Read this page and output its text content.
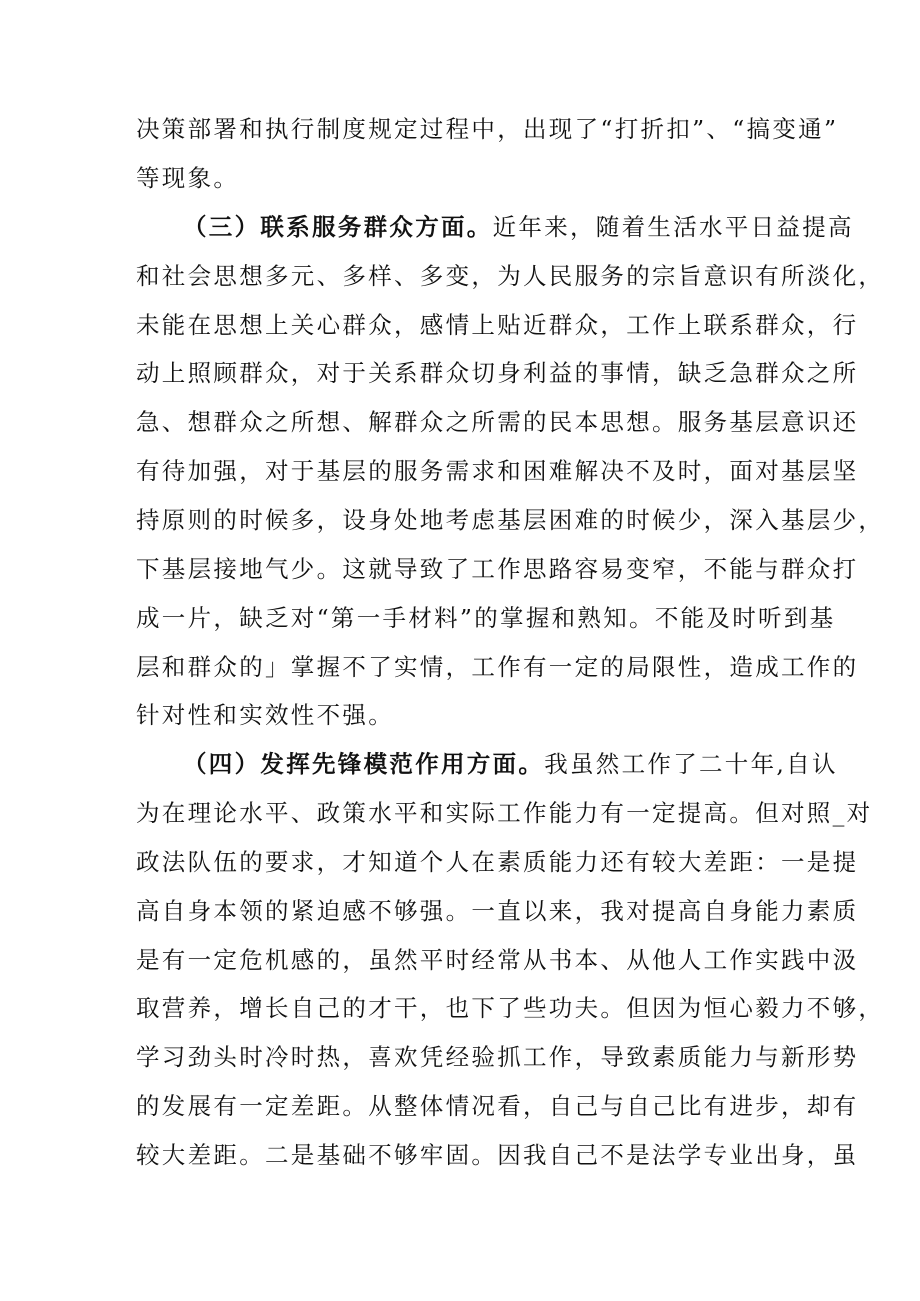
决策部署和执行制度规定过程中，出现了“打折扣”、“搞变通”
等现象。
（三）联系服务群众方面。近年来，随着生活水平日益提高
和社会思想多元、多样、多变，为人民服务的宗旨意识有所淡化，
未能在思想上关心群众，感情上贴近群众，工作上联系群众，行
动上照顾群众，对于关系群众切身利益的事情，缺乏急群众之所
急、想群众之所想、解群众之所需的民本思想。服务基层意识还
有待加强，对于基层的服务需求和困难解决不及时，面对基层坚
持原则的时候多，设身处地考虑基层困难的时候少，深入基层少，
下基层接地气少。这就导致了工作思路容易变窄，不能与群众打
成一片，缺乏对“第一手材料”的掌握和熟知。不能及时听到基
层和群众的」掌握不了实情，工作有一定的局限性，造成工作的
针对性和实效性不强。
（四）发挥先锋模范作用方面。我虽然工作了二十年,自认
为在理论水平、政策水平和实际工作能力有一定提高。但对照_对
政法队伍的要求，才知道个人在素质能力还有较大差距：一是提
高自身本领的紧迫感不够强。一直以来，我对提高自身能力素质
是有一定危机感的，虽然平时经常从书本、从他人工作实践中汲
取营养，增长自己的才干，也下了些功夫。但因为恒心毅力不够，
学习劲头时冷时热，喜欢凭经验抓工作，导致素质能力与新形势
的发展有一定差距。从整体情况看，自己与自己比有进步，却有
较大差距。二是基础不够牢固。因我自己不是法学专业出身，虽
